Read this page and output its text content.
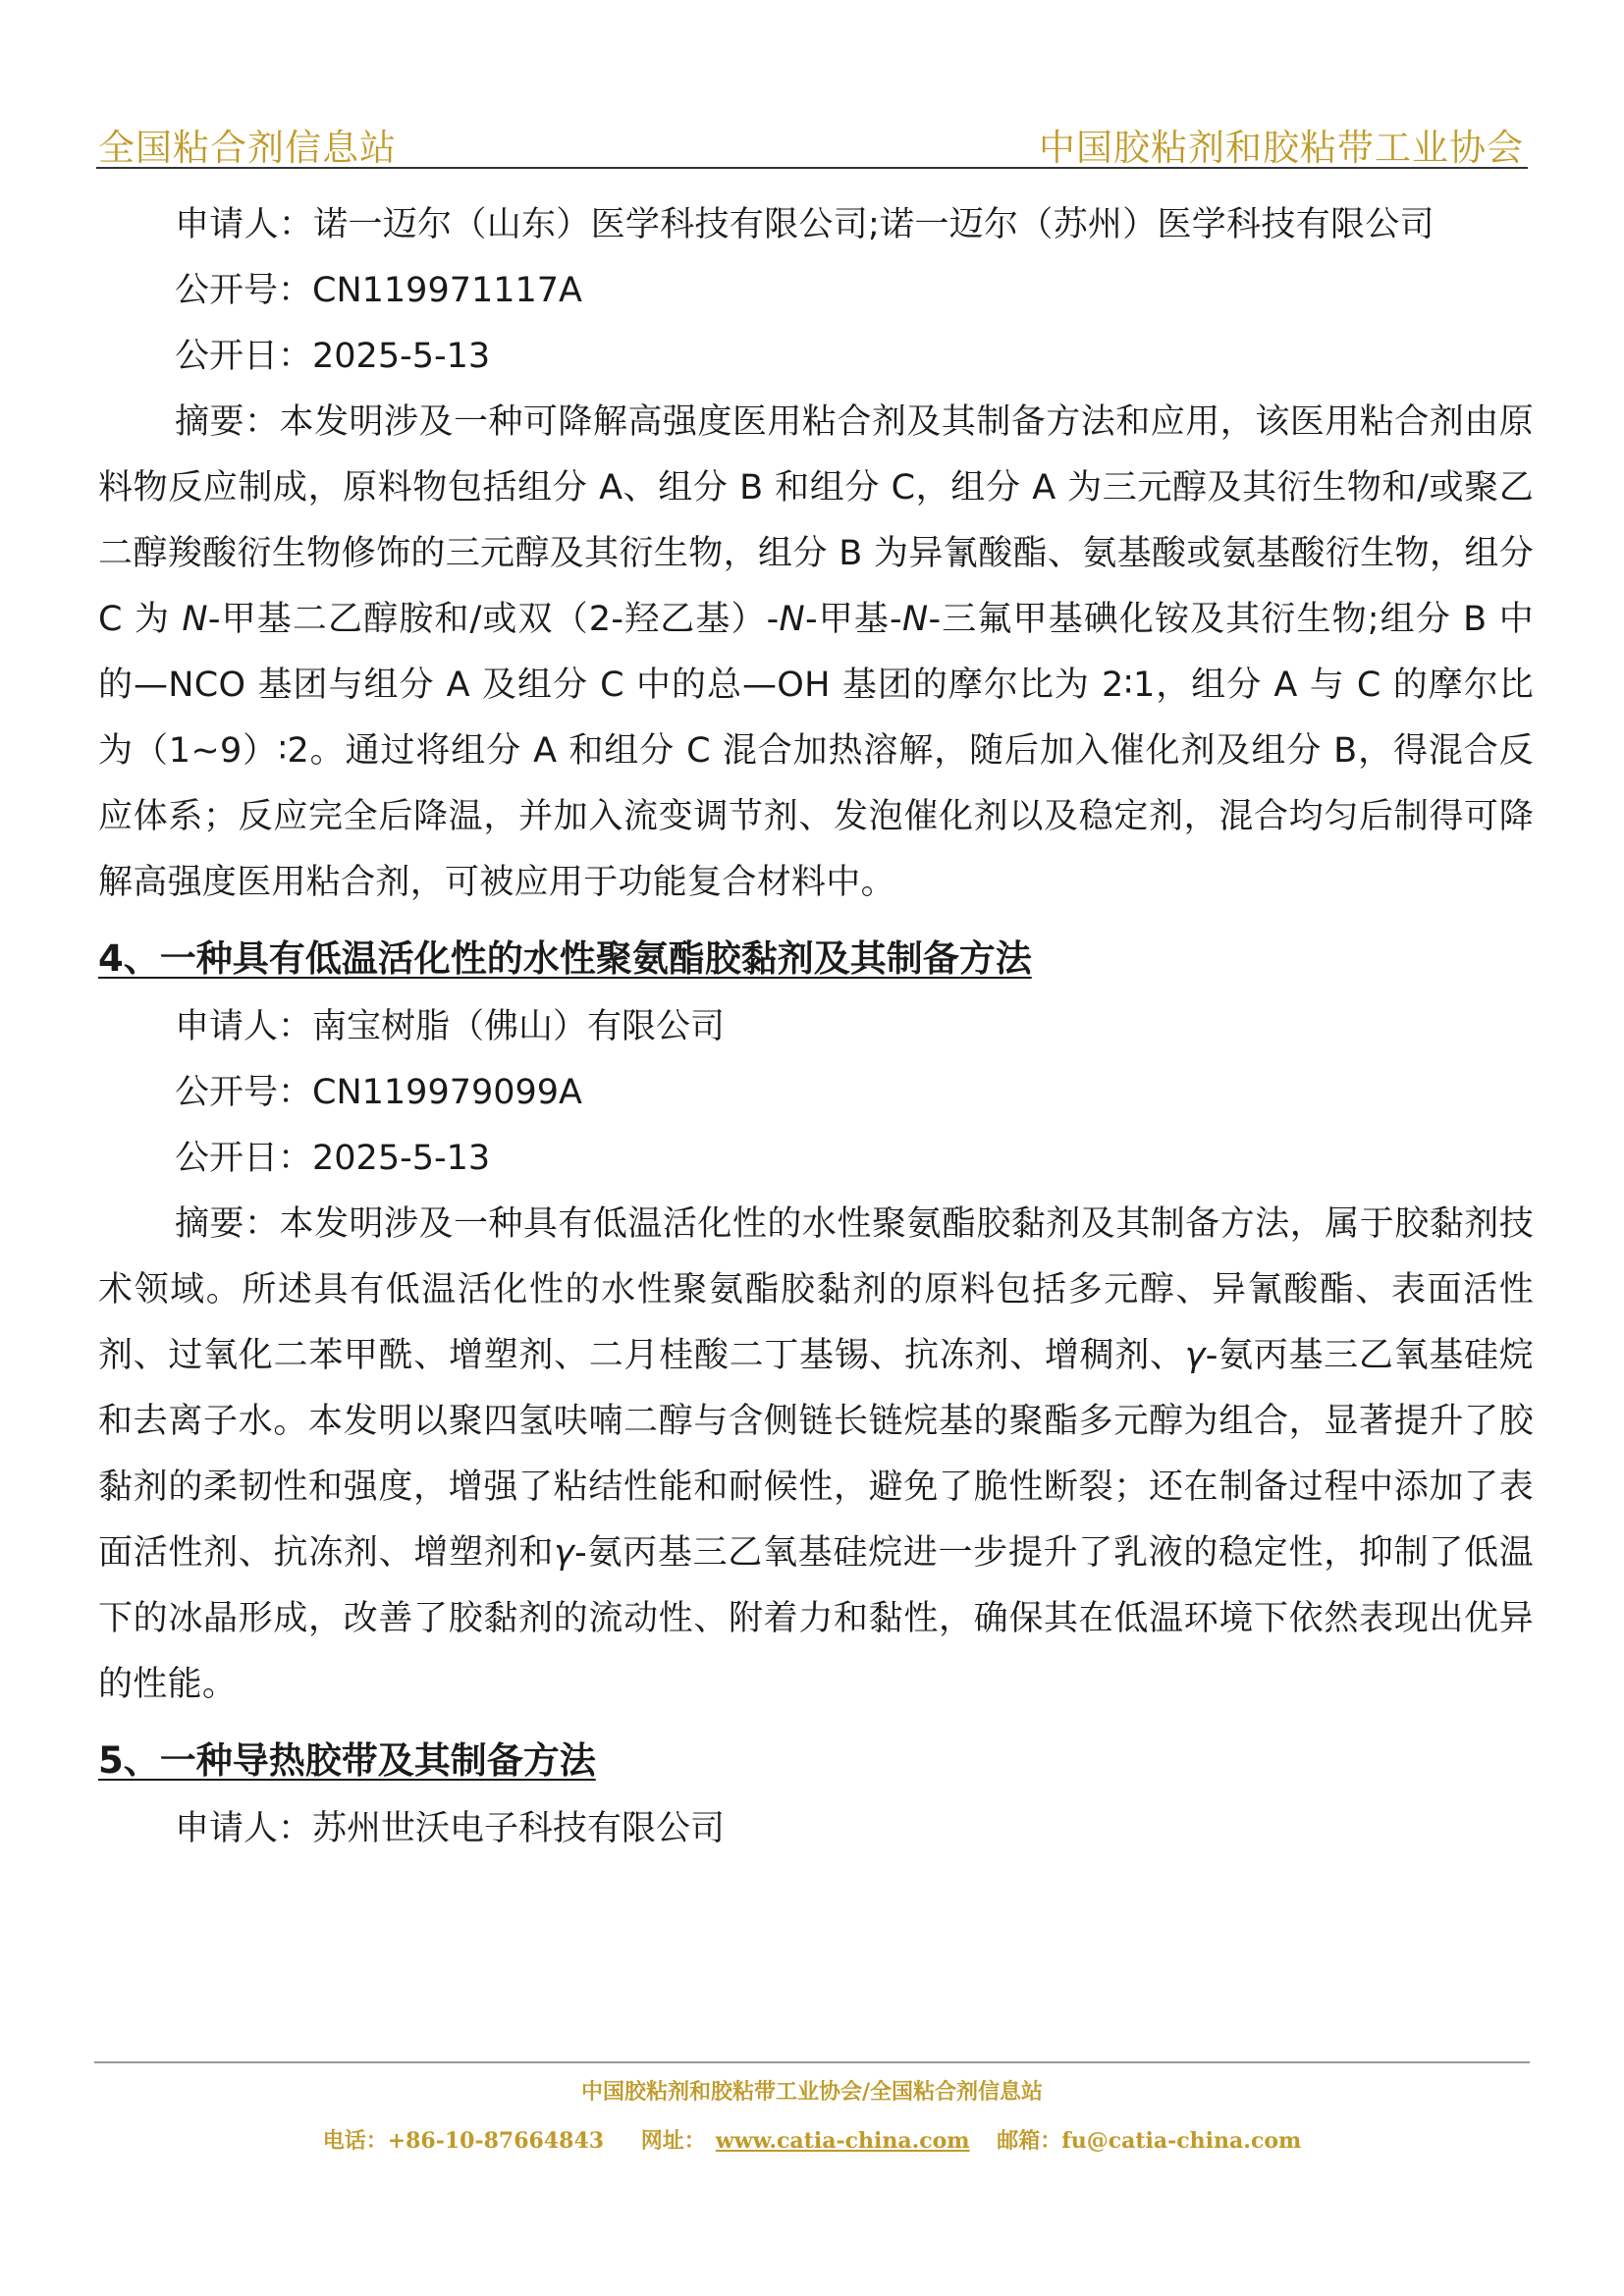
全国粘合剂信息站	中国胶粘剂和胶粘带工业协会

申请人：诺一迈尔（山东）医学科技有限公司;诺一迈尔（苏州）医学科技有限公司

公开号：CN119971117A

公开日：2025-5-13

摘要：本发明涉及一种可降解高强度医用粘合剂及其制备方法和应用，该医用粘合剂由原料物反应制成，原料物包括组分 A、组分 B 和组分 C，组分 A 为三元醇及其衍生物和/或聚乙二醇羧酸衍生物修饰的三元醇及其衍生物，组分 B 为异氰酸酯、氨基酸或氨基酸衍生物，组分 C 为 N-甲基二乙醇胺和/或双（2-羟乙基）-N-甲基-N-三氟甲基碘化铵及其衍生物;组分 B 中的—NCO 基团与组分 A 及组分 C 中的总—OH 基团的摩尔比为 2∶1，组分 A 与 C 的摩尔比为（1~9）∶2。通过将组分 A 和组分 C 混合加热溶解，随后加入催化剂及组分 B，得混合反应体系；反应完全后降温，并加入流变调节剂、发泡催化剂以及稳定剂，混合均匀后制得可降解高强度医用粘合剂，可被应用于功能复合材料中。

4、一种具有低温活化性的水性聚氨酯胶黏剂及其制备方法

申请人：南宝树脂（佛山）有限公司

公开号：CN119979099A

公开日：2025-5-13

摘要：本发明涉及一种具有低温活化性的水性聚氨酯胶黏剂及其制备方法，属于胶黏剂技术领域。所述具有低温活化性的水性聚氨酯胶黏剂的原料包括多元醇、异氰酸酯、表面活性剂、过氧化二苯甲酰、增塑剂、二月桂酸二丁基锡、抗冻剂、增稠剂、γ-氨丙基三乙氧基硅烷和去离子水。本发明以聚四氢呋喃二醇与含侧链长链烷基的聚酯多元醇为组合，显著提升了胶黏剂的柔韧性和强度，增强了粘结性能和耐候性，避免了脆性断裂；还在制备过程中添加了表面活性剂、抗冻剂、增塑剂和γ-氨丙基三乙氧基硅烷进一步提升了乳液的稳定性，抑制了低温下的冰晶形成，改善了胶黏剂的流动性、附着力和黏性，确保其在低温环境下依然表现出优异的性能。

5、一种导热胶带及其制备方法

申请人：苏州世沃电子科技有限公司

中国胶粘剂和胶粘带工业协会/全国粘合剂信息站
电话：+86-10-87664843 网址： www.catia-china.com 邮箱：fu@catia-china.com
